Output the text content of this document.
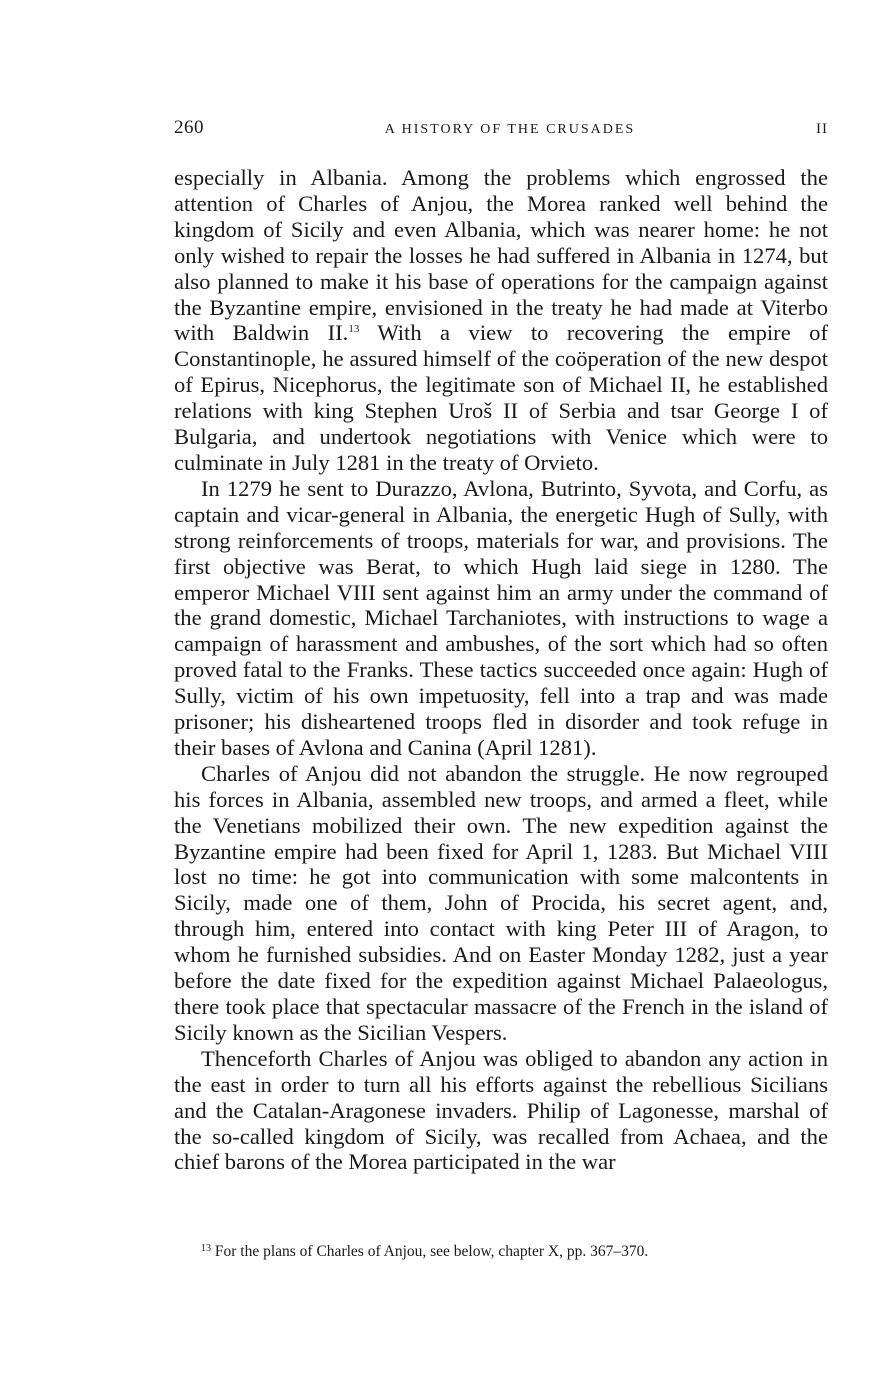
260	A HISTORY OF THE CRUSADES	II

especially in Albania. Among the problems which engrossed the attention of Charles of Anjou, the Morea ranked well behind the kingdom of Sicily and even Albania, which was nearer home: he not only wished to repair the losses he had suffered in Albania in 1274, but also planned to make it his base of operations for the campaign against the Byzantine empire, envisioned in the treaty he had made at Viterbo with Baldwin II.$^{13}$ With a view to recovering the empire of Constantinople, he assured himself of the coöperation of the new despot of Epirus, Nicephorus, the legitimate son of Michael II, he established relations with king Stephen Uroš II of Serbia and tsar George I of Bulgaria, and undertook negotiations with Venice which were to culminate in July 1281 in the treaty of Orvieto.

In 1279 he sent to Durazzo, Avlona, Butrinto, Syvota, and Corfu, as captain and vicar-general in Albania, the energetic Hugh of Sully, with strong reinforcements of troops, materials for war, and provisions. The first objective was Berat, to which Hugh laid siege in 1280. The emperor Michael VIII sent against him an army under the command of the grand domestic, Michael Tarchaniotes, with instructions to wage a campaign of harassment and ambushes, of the sort which had so often proved fatal to the Franks. These tactics succeeded once again: Hugh of Sully, victim of his own impetuosity, fell into a trap and was made prisoner; his disheartened troops fled in disorder and took refuge in their bases of Avlona and Canina (April 1281).

Charles of Anjou did not abandon the struggle. He now regrouped his forces in Albania, assembled new troops, and armed a fleet, while the Venetians mobilized their own. The new expedition against the Byzantine empire had been fixed for April 1, 1283. But Michael VIII lost no time: he got into communication with some malcontents in Sicily, made one of them, John of Procida, his secret agent, and, through him, entered into contact with king Peter III of Aragon, to whom he furnished subsidies. And on Easter Monday 1282, just a year before the date fixed for the expedition against Michael Palaeologus, there took place that spectacular massacre of the French in the island of Sicily known as the Sicilian Vespers.

Thenceforth Charles of Anjou was obliged to abandon any action in the east in order to turn all his efforts against the rebellious Sicilians and the Catalan-Aragonese invaders. Philip of Lagonesse, marshal of the so-called kingdom of Sicily, was recalled from Achaea, and the chief barons of the Morea participated in the war

$^{13}$ For the plans of Charles of Anjou, see below, chapter X, pp. 367–370.
